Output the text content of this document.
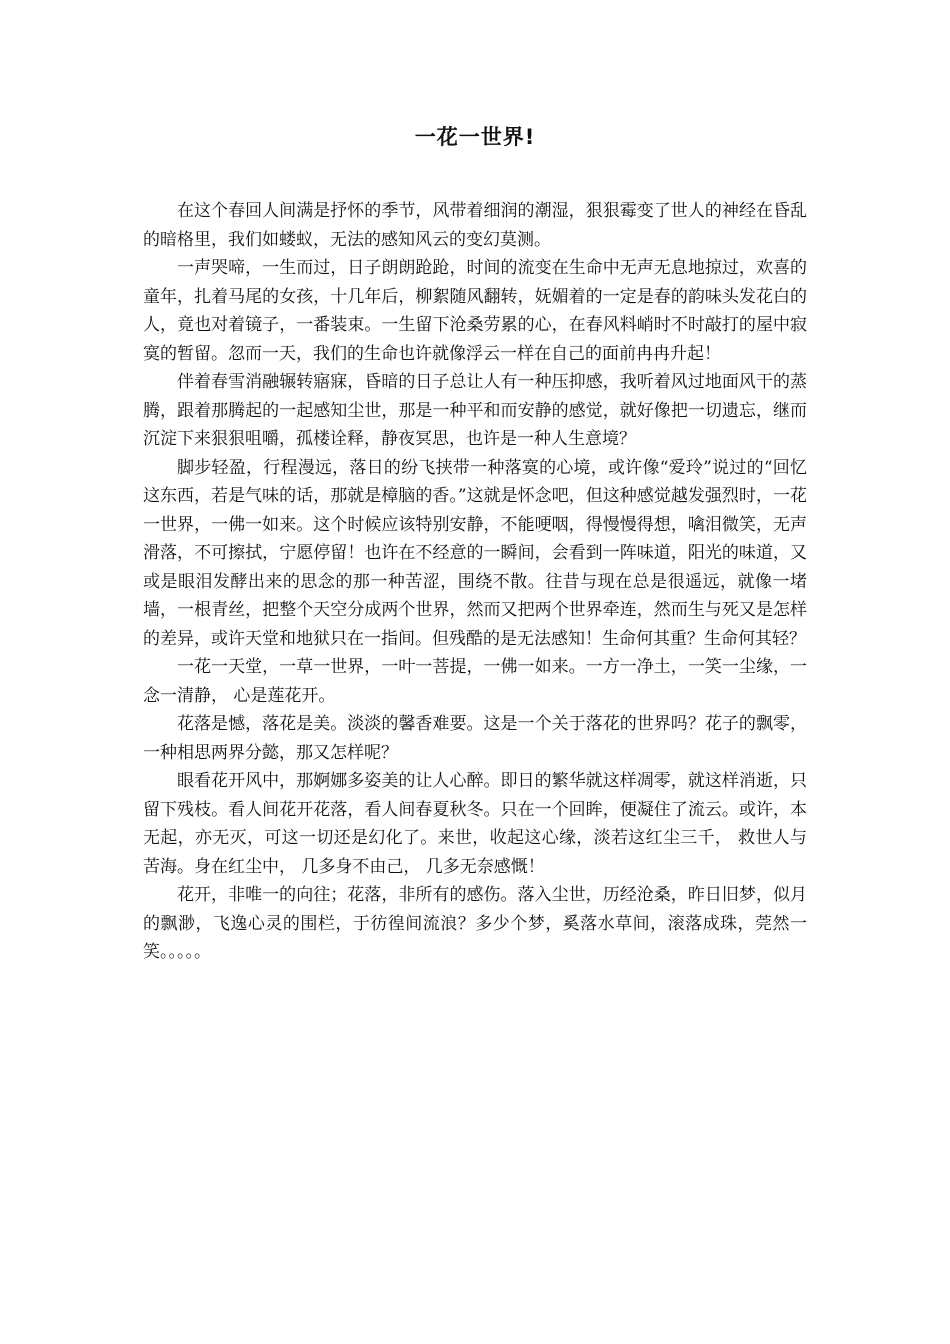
一花一世界!

在这个春回人间满是抒怀的季节，风带着细润的潮湿，狠狠霉变了世人的神经在昏乱的暗格里，我们如蝼蚁，无法的感知风云的变幻莫测。

一声哭啼，一生而过，日子朗朗跄跄，时间的流变在生命中无声无息地掠过，欢喜的童年，扎着马尾的女孩，十几年后，柳絮随风翻转，妩媚着的一定是春的韵味头发花白的人，竟也对着镜子，一番装束。一生留下沧桑劳累的心，在春风料峭时不时敲打的屋中寂寞的暂留。忽而一天，我们的生命也许就像浮云一样在自己的面前冉冉升起！

伴着春雪消融辗转寤寐，昏暗的日子总让人有一种压抑感，我听着风过地面风干的蒸腾，跟着那腾起的一起感知尘世，那是一种平和而安静的感觉，就好像把一切遗忘，继而沉淀下来狠狠咀嚼，孤楼诠释，静夜冥思，也许是一种人生意境？

脚步轻盈，行程漫远，落日的纷飞挟带一种落寞的心境，或许像“爱玲”说过的“回忆这东西，若是气味的话，那就是樟脑的香。”这就是怀念吧，但这种感觉越发强烈时，一花一世界，一佛一如来。这个时候应该特别安静，不能哽咽，得慢慢得想，噙泪微笑，无声滑落，不可擦拭，宁愿停留！也许在不经意的一瞬间，会看到一阵味道，阳光的味道，又或是眼泪发酵出来的思念的那一种苦涩，围绕不散。往昔与现在总是很遥远，就像一堵墙，一根青丝，把整个天空分成两个世界，然而又把两个世界牵连，然而生与死又是怎样的差异，或许天堂和地狱只在一指间。但残酷的是无法感知！生命何其重？生命何其轻？

一花一天堂，一草一世界，一叶一菩提，一佛一如来。一方一净土，一笑一尘缘，一念一清静， 心是莲花开。

花落是憾，落花是美。淡淡的馨香难要。这是一个关于落花的世界吗？花子的飘零，一种相思两界分懿，那又怎样呢？

眼看花开风中，那婀娜多姿美的让人心醉。即日的繁华就这样凋零，就这样消逝，只留下残枝。看人间花开花落，看人间春夏秋冬。只在一个回眸，便凝住了流云。或许，本无起，亦无灭，可这一切还是幻化了。来世，收起这心缘，淡若这红尘三千， 救世人与苦海。身在红尘中， 几多身不由己， 几多无奈感慨！

花开，非唯一的向往；花落，非所有的感伤。落入尘世，历经沧桑，昨日旧梦，似月的飘渺，飞逸心灵的围栏，于彷徨间流浪？多少个梦，奚落水草间，滚落成珠，莞然一笑。。。。。
